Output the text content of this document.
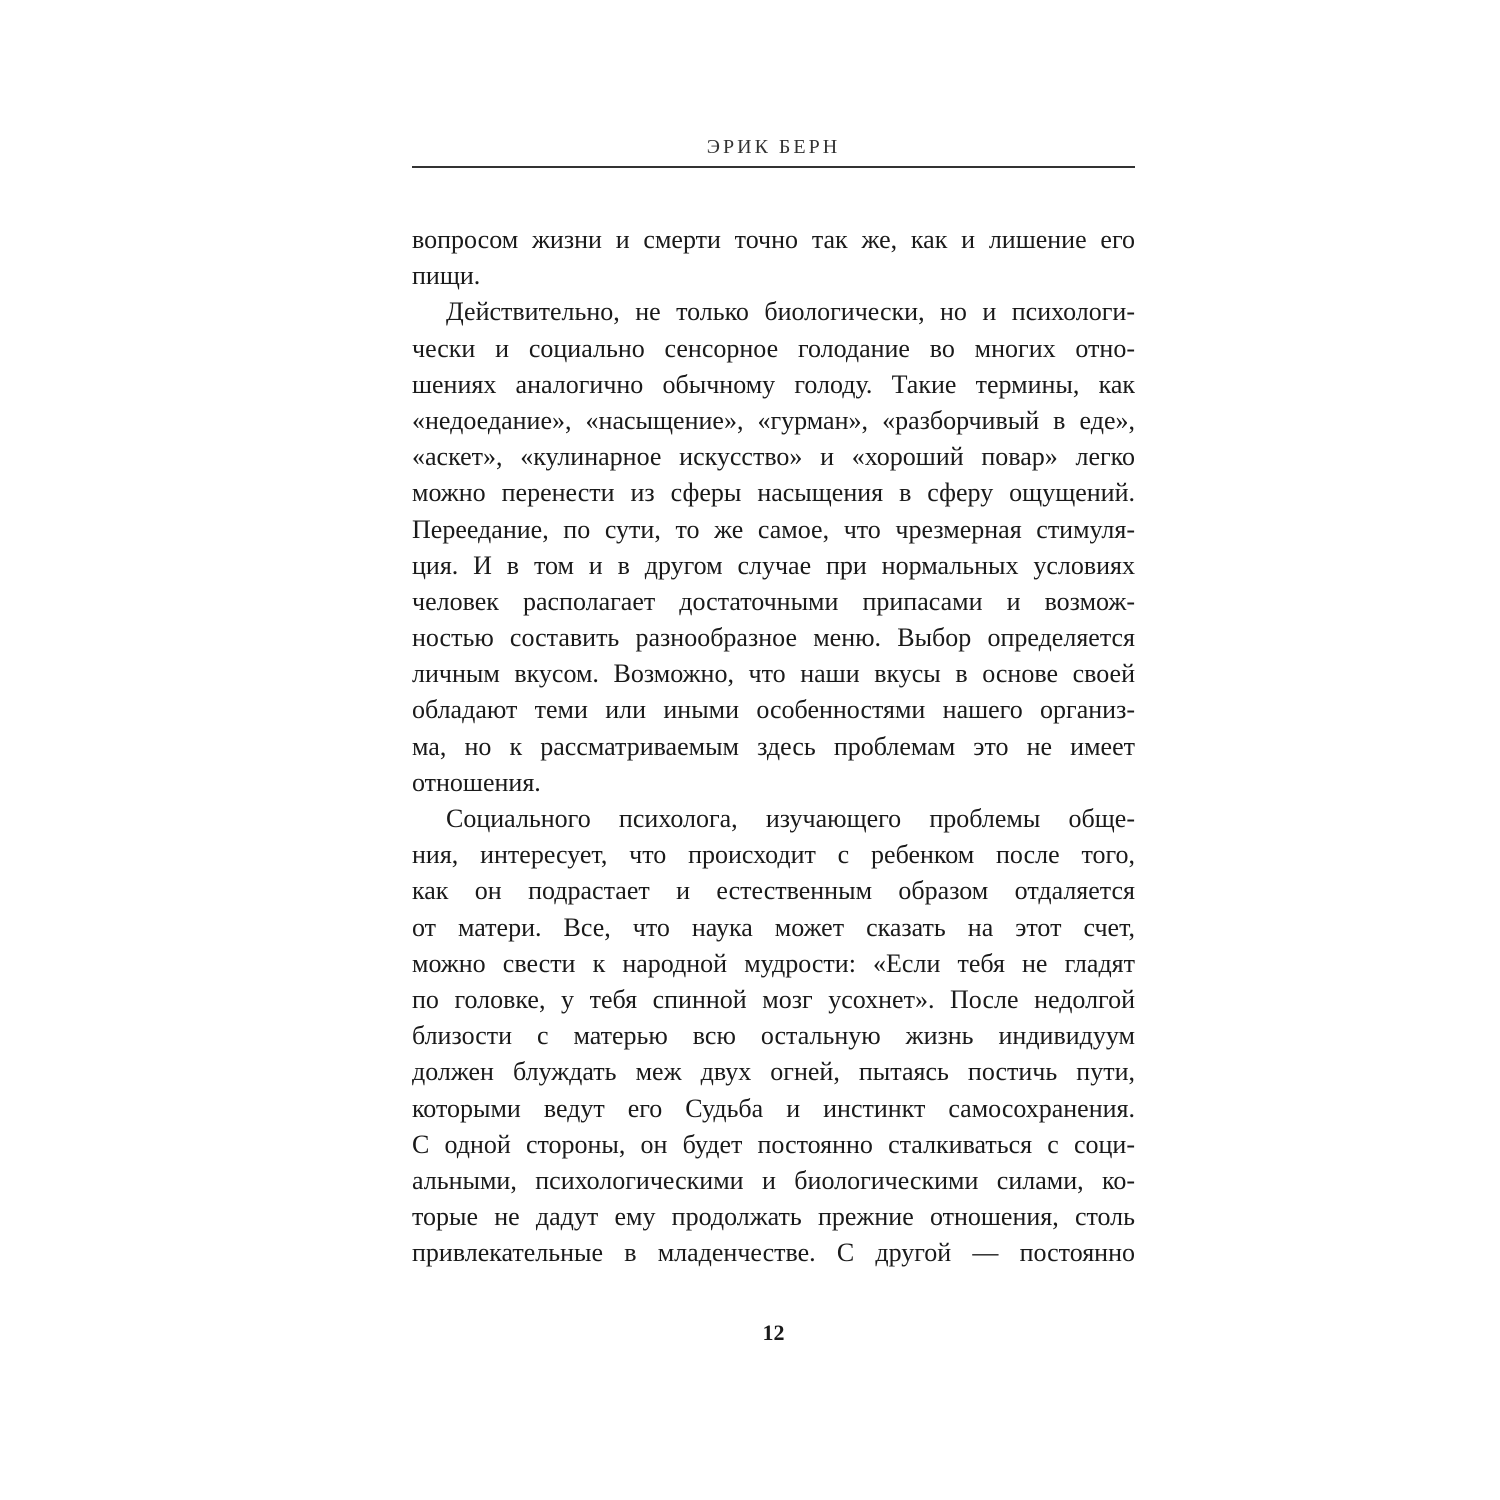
ЭРИК БЕРН
вопросом жизни и смерти точно так же, как и лишение его
пищи.
Действительно, не только биологически, но и психологи-
чески и социально сенсорное голодание во многих отно-
шениях аналогично обычному голоду. Такие термины, как
«недоедание», «насыщение», «гурман», «разборчивый в еде»,
«аскет», «кулинарное искусство» и «хороший повар» легко
можно перенести из сферы насыщения в сферу ощущений.
Переедание, по сути, то же самое, что чрезмерная стимуля-
ция. И в том и в другом случае при нормальных условиях
человек располагает достаточными припасами и возмож-
ностью составить разнообразное меню. Выбор определяется
личным вкусом. Возможно, что наши вкусы в основе своей
обладают теми или иными особенностями нашего организ-
ма, но к рассматриваемым здесь проблемам это не имеет
отношения.
Социального психолога, изучающего проблемы обще-
ния, интересует, что происходит с ребенком после того,
как он подрастает и естественным образом отдаляется
от матери. Все, что наука может сказать на этот счет,
можно свести к народной мудрости: «Если тебя не гладят
по головке, у тебя спинной мозг усохнет». После недолгой
близости с матерью всю остальную жизнь индивидуум
должен блуждать меж двух огней, пытаясь постичь пути,
которыми ведут его Судьба и инстинкт самосохранения.
С одной стороны, он будет постоянно сталкиваться с соци-
альными, психологическими и биологическими силами, ко-
торые не дадут ему продолжать прежние отношения, столь
привлекательные в младенчестве. С другой — постоянно
12
